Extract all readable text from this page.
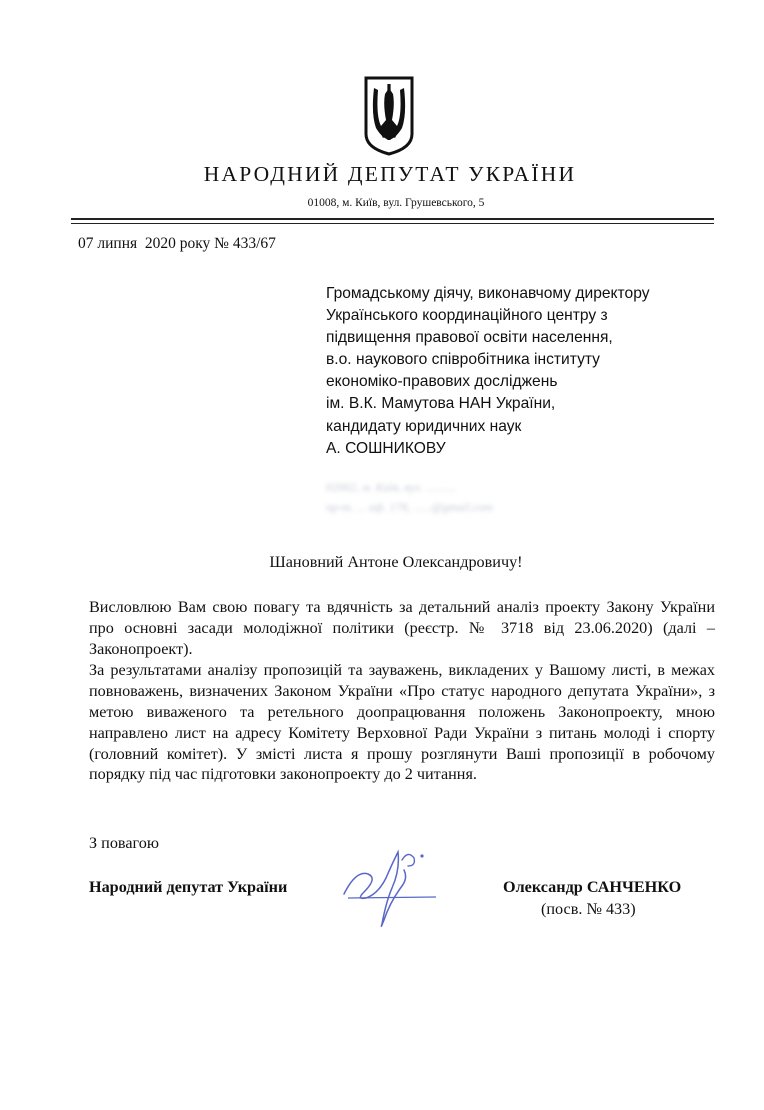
НАРОДНИЙ ДЕПУТАТ УКРАЇНИ
01008, м. Київ, вул. Грушевського, 5
07 липня  2020 року № 433/67
Громадському діячу, виконавчому директору
Українського координаційного центру з
підвищення правової освіти населення,
в.о. наукового співробітника інституту
економіко-правових досліджень
ім. В.К. Мамутова НАН України,
кандидату юридичних наук
А. СОШНИКОВУ
02002, м. Київ, вул. ..........
пр-т. ... оф. 178, ......@gmail.com
Шановний Антоне Олександровичу!

Висловлюю Вам свою повагу та вдячність за детальний аналіз проекту Закону України про основні засади молодіжної політики (реєстр. № 3718 від 23.06.2020) (далі –Законопроект).

За результатами аналізу пропозицій та зауважень, викладених у Вашому листі, в межах повноважень, визначених Законом України «Про статус народного депутата України», з метою виваженого та ретельного доопрацювання положень Законопроекту, мною направлено лист на адресу Комітету Верховної Ради України з питань молоді і спорту (головний комітет). У змісті листа я прошу розглянути Ваші пропозиції в робочому порядку під час підготовки законопроекту до 2 читання.

З повагою
Народний депутат України	Олександр САНЧЕНКО
(посв. № 433)
